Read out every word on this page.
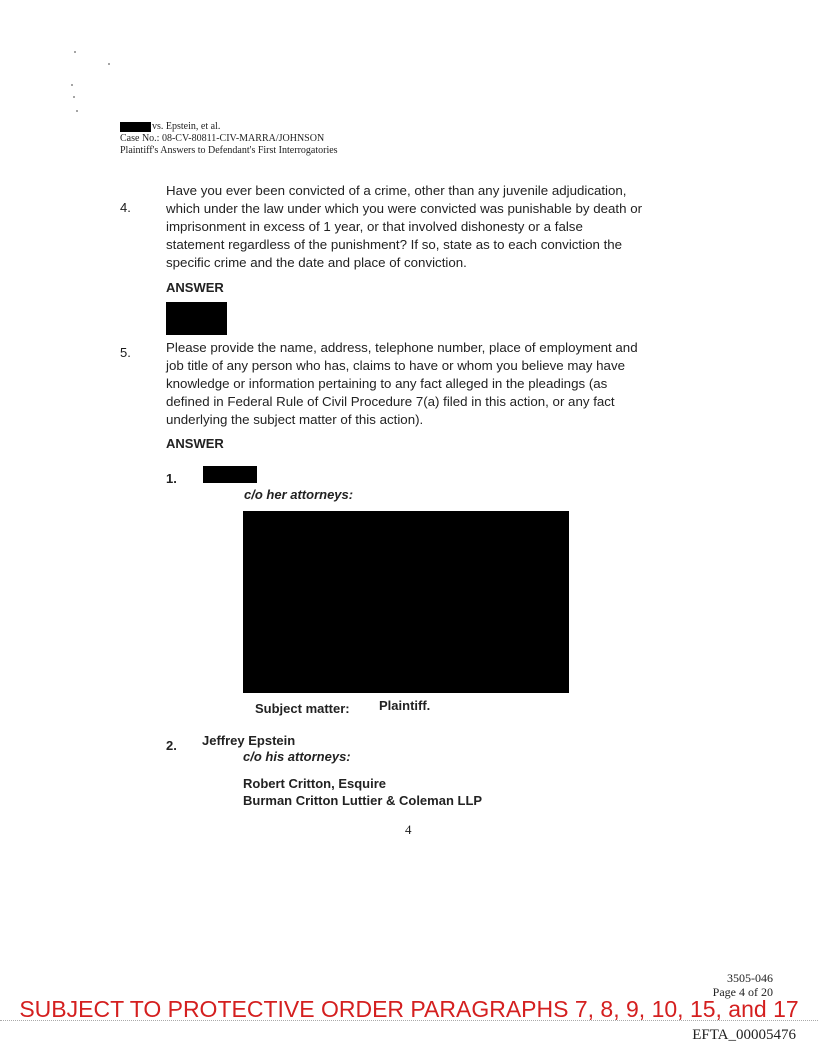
vs. Epstein, et al.
Case No.: 08-CV-80811-CIV-MARRA/JOHNSON
Plaintiff's Answers to Defendant's First Interrogatories
4.
Have you ever been convicted of a crime, other than any juvenile adjudication,
which under the law under which you were convicted was punishable by death or
imprisonment in excess of 1 year, or that involved dishonesty or a false
statement regardless of the punishment? If so, state as to each conviction the
specific crime and the date and place of conviction.
ANSWER
5.	Please provide the name, address, telephone number, place of employment and
job title of any person who has, claims to have or whom you believe may have
knowledge or information pertaining to any fact alleged in the pleadings (as
defined in Federal Rule of Civil Procedure 7(a) filed in this action, or any fact
underlying the subject matter of this action).
ANSWER
1.
c/o her attorneys:
Subject matter: Plaintiff.
2. Jeffrey Epstein
c/o his attorneys:
Robert Critton, Esquire
Burman Critton Luttier & Coleman LLP
4
3505-046
Page 4 of 20
SUBJECT TO PROTECTIVE ORDER PARAGRAPHS 7, 8, 9, 10, 15, and 17
EFTA_00005476
